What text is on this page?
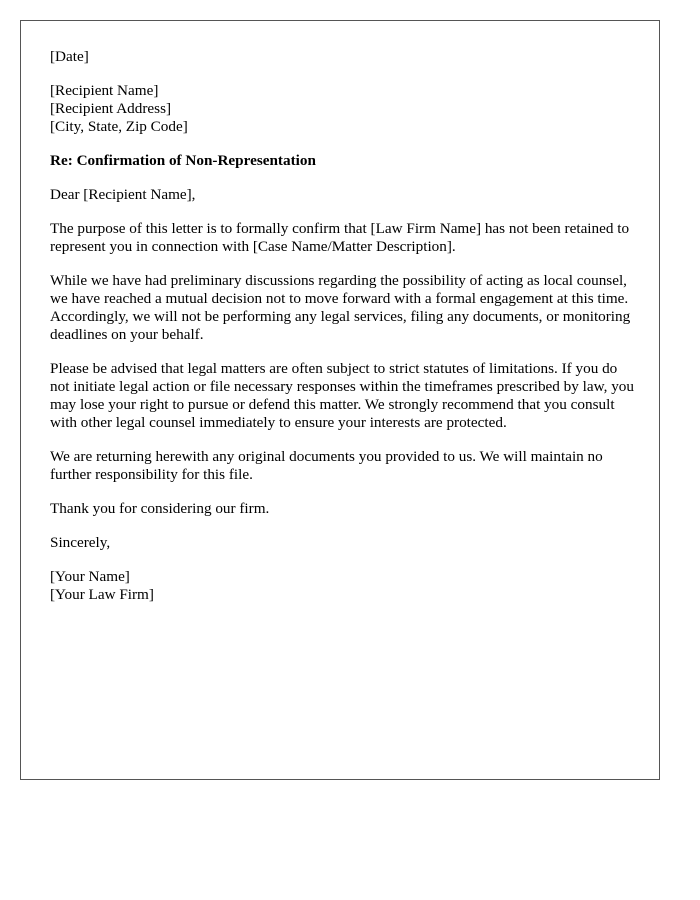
[Date]
[Recipient Name]
[Recipient Address]
[City, State, Zip Code]
Re: Confirmation of Non-Representation
Dear [Recipient Name],

The purpose of this letter is to formally confirm that [Law Firm Name] has not been retained to represent you in connection with [Case Name/Matter Description].

While we have had preliminary discussions regarding the possibility of acting as local counsel, we have reached a mutual decision not to move forward with a formal engagement at this time. Accordingly, we will not be performing any legal services, filing any documents, or monitoring deadlines on your behalf.

Please be advised that legal matters are often subject to strict statutes of limitations. If you do not initiate legal action or file necessary responses within the timeframes prescribed by law, you may lose your right to pursue or defend this matter. We strongly recommend that you consult with other legal counsel immediately to ensure your interests are protected.

We are returning herewith any original documents you provided to us. We will maintain no further responsibility for this file.

Thank you for considering our firm.

Sincerely,
[Your Name]
[Your Law Firm]
